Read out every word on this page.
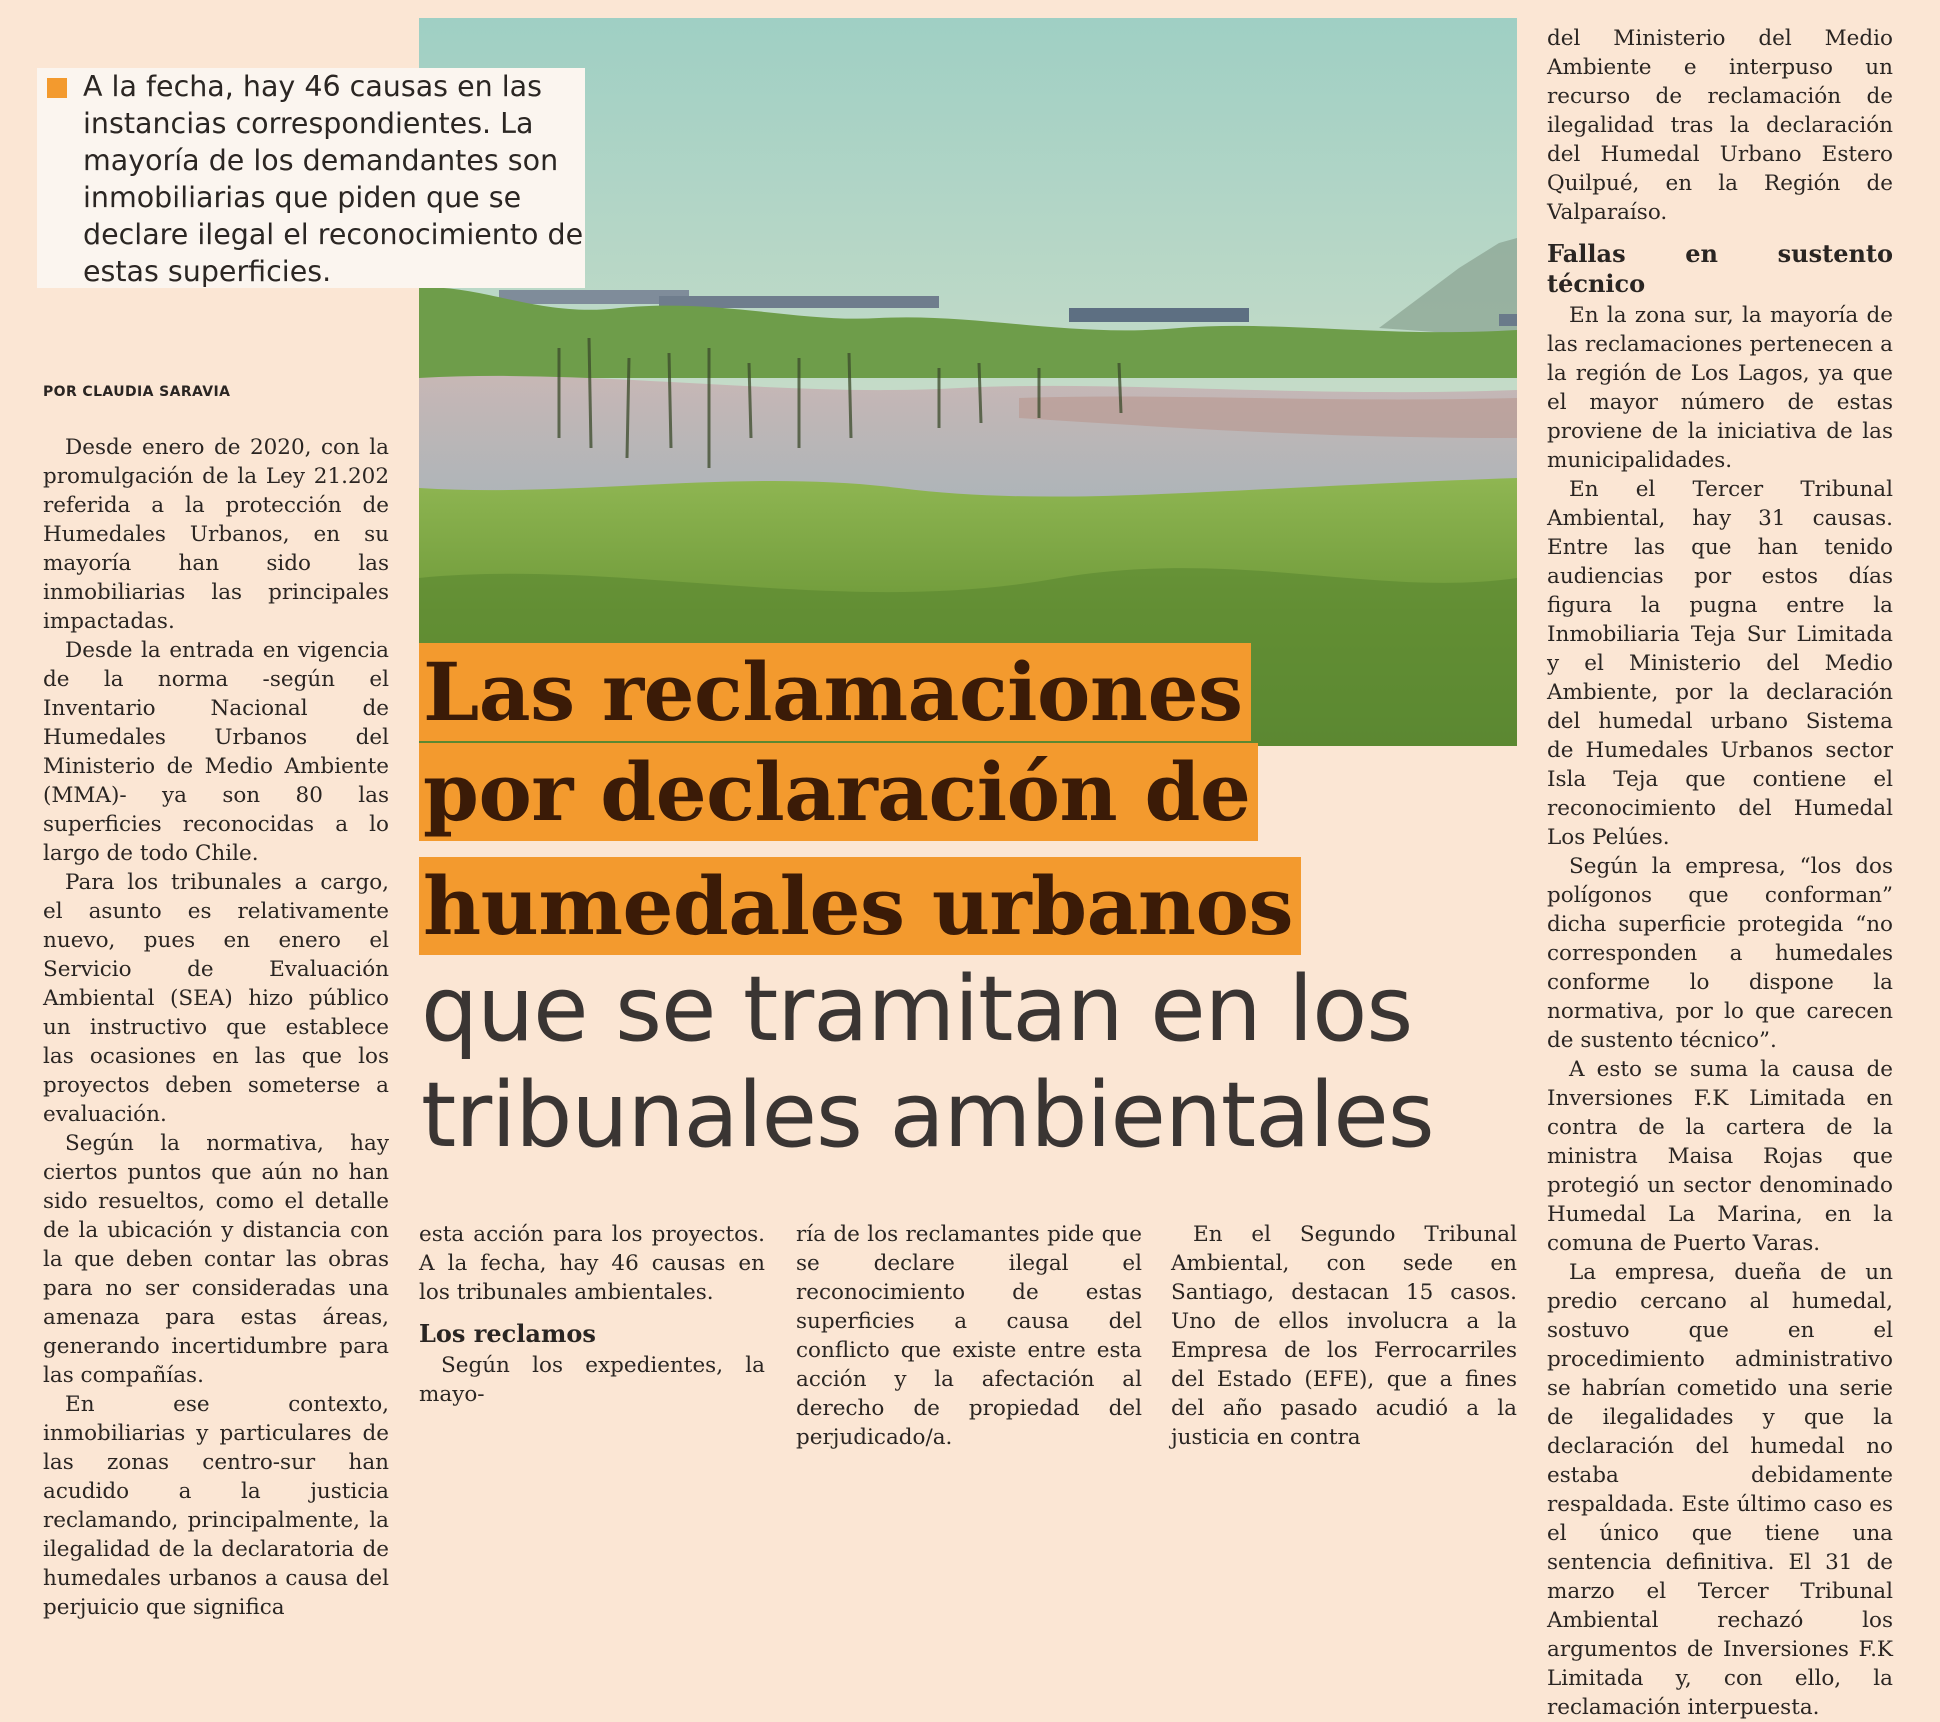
A la fecha, hay 46 causas en las instancias correspondientes. La mayoría de los demandantes son inmobiliarias que piden que se declare ilegal el reconocimiento de estas superficies.
POR CLAUDIA SARAVIA

Desde enero de 2020, con la promulgación de la Ley 21.202 referida a la protección de Humedales Urbanos, en su mayoría han sido las inmobiliarias las principales impactadas.

Desde la entrada en vigencia de la norma -según el Inventario Nacional de Humedales Urbanos del Ministerio de Medio Ambiente (MMA)- ya son 80 las superficies reconocidas a lo largo de todo Chile.

Para los tribunales a cargo, el asunto es relativamente nuevo, pues en enero el Servicio de Evaluación Ambiental (SEA) hizo público un instructivo que establece las ocasiones en las que los proyectos deben someterse a evaluación.

Según la normativa, hay ciertos puntos que aún no han sido resueltos, como el detalle de la ubicación y distancia con la que deben contar las obras para no ser consideradas una amenaza para estas áreas, generando incertidumbre para las compañías.

En ese contexto, inmobiliarias y particulares de las zonas centro-sur han acudido a la justicia reclamando, principalmente, la ilegalidad de la declaratoria de humedales urbanos a causa del perjuicio que significa

Las reclamaciones
por declaración de
humedales urbanos
que se tramitan en los
tribunales ambientales

esta acción para los proyectos. A la fecha, hay 46 causas en los tribunales ambientales.

Los reclamos

Según los expedientes, la mayo-

ría de los reclamantes pide que se declare ilegal el reconocimiento de estas superficies a causa del conflicto que existe entre esta acción y la afectación al derecho de propiedad del perjudicado/a.

En el Segundo Tribunal Ambiental, con sede en Santiago, destacan 15 casos. Uno de ellos involucra a la Empresa de los Ferrocarriles del Estado (EFE), que a fines del año pasado acudió a la justicia en contra

del Ministerio del Medio Ambiente e interpuso un recurso de reclamación de ilegalidad tras la declaración del Humedal Urbano Estero Quilpué, en la Región de Valparaíso.

Fallas en sustento técnico

En la zona sur, la mayoría de las reclamaciones pertenecen a la región de Los Lagos, ya que el mayor número de estas proviene de la iniciativa de las municipalidades.

En el Tercer Tribunal Ambiental, hay 31 causas. Entre las que han tenido audiencias por estos días figura la pugna entre la Inmobiliaria Teja Sur Limitada y el Ministerio del Medio Ambiente, por la declaración del humedal urbano Sistema de Humedales Urbanos sector Isla Teja que contiene el reconocimiento del Humedal Los Pelúes.

Según la empresa, “los dos polígonos que conforman” dicha superficie protegida “no corresponden a humedales conforme lo dispone la normativa, por lo que carecen de sustento técnico”.

A esto se suma la causa de Inversiones F.K Limitada en contra de la cartera de la ministra Maisa Rojas que protegió un sector denominado Humedal La Marina, en la comuna de Puerto Varas.

La empresa, dueña de un predio cercano al humedal, sostuvo que en el procedimiento administrativo se habrían cometido una serie de ilegalidades y que la declaración del humedal no estaba debidamente respaldada. Este último caso es el único que tiene una sentencia definitiva. El 31 de marzo el Tercer Tribunal Ambiental rechazó los argumentos de Inversiones F.K Limitada y, con ello, la reclamación interpuesta.
